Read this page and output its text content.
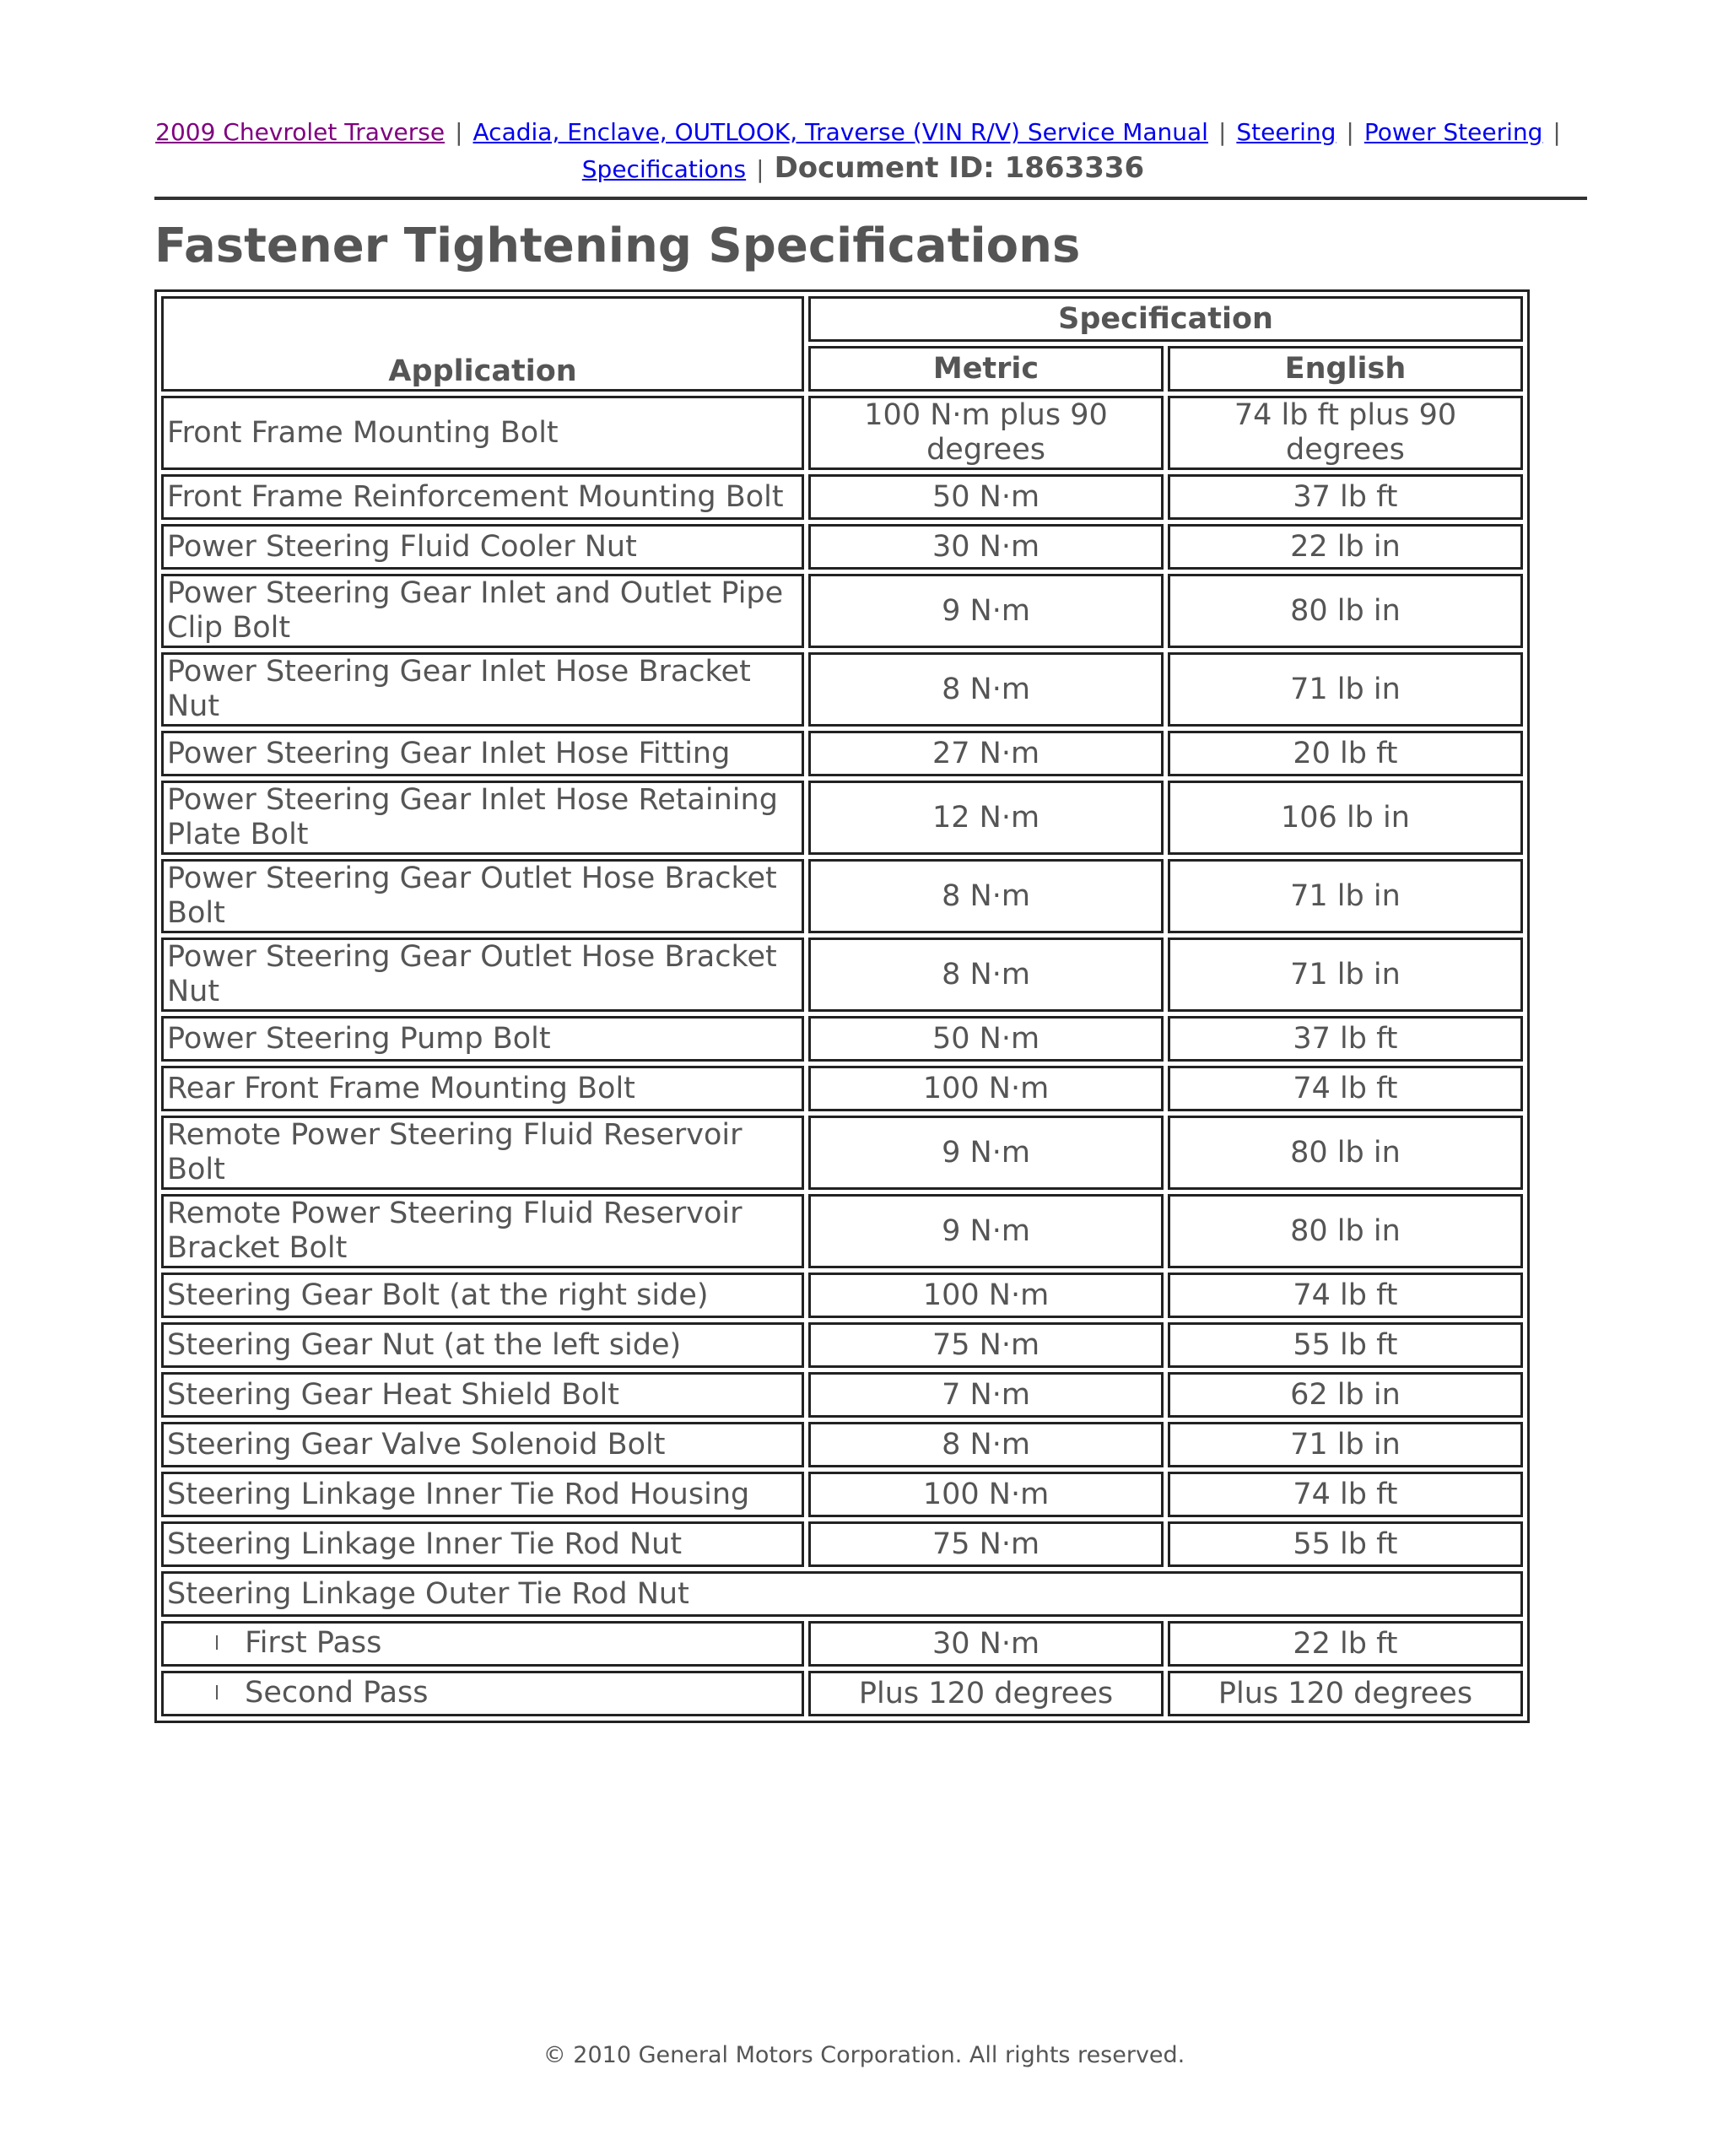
2009 Chevrolet Traverse | Acadia, Enclave, OUTLOOK, Traverse (VIN R/V) Service Manual | Steering | Power Steering |
Specifications | Document ID: 1863336
Fastener Tightening Specifications
Application	Specification	
	Metric	English
Front Frame Mounting Bolt	100 N·m plus 90 degrees	74 lb ft plus 90 degrees
Front Frame Reinforcement Mounting Bolt	50 N·m	37 lb ft
Power Steering Fluid Cooler Nut	30 N·m	22 lb in
Power Steering Gear Inlet and Outlet Pipe Clip Bolt	9 N·m	80 lb in
Power Steering Gear Inlet Hose Bracket Nut	8 N·m	71 lb in
Power Steering Gear Inlet Hose Fitting	27 N·m	20 lb ft
Power Steering Gear Inlet Hose Retaining Plate Bolt	12 N·m	106 lb in
Power Steering Gear Outlet Hose Bracket Bolt	8 N·m	71 lb in
Power Steering Gear Outlet Hose Bracket Nut	8 N·m	71 lb in
Power Steering Pump Bolt	50 N·m	37 lb ft
Rear Front Frame Mounting Bolt	100 N·m	74 lb ft
Remote Power Steering Fluid Reservoir Bolt	9 N·m	80 lb in
Remote Power Steering Fluid Reservoir Bracket Bolt	9 N·m	80 lb in
Steering Gear Bolt (at the right side)	100 N·m	74 lb ft
Steering Gear Nut (at the left side)	75 N·m	55 lb ft
Steering Gear Heat Shield Bolt	7 N·m	62 lb in
Steering Gear Valve Solenoid Bolt	8 N·m	71 lb in
Steering Linkage Inner Tie Rod Housing	100 N·m	74 lb ft
Steering Linkage Inner Tie Rod Nut	75 N·m	55 lb ft
Steering Linkage Outer Tie Rod Nut		
l First Pass	30 N·m	22 lb ft
l Second Pass	Plus 120 degrees	Plus 120 degrees
© 2010 General Motors Corporation. All rights reserved.
